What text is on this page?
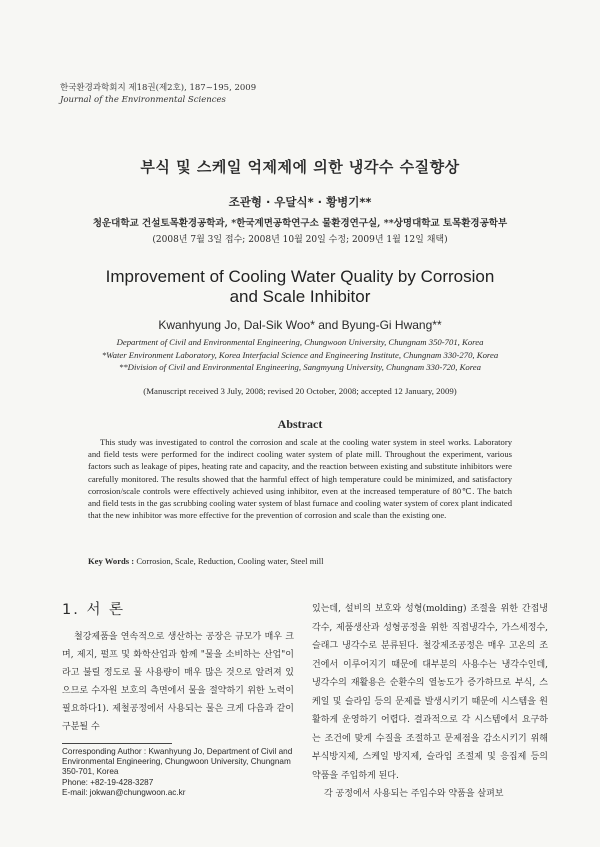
한국환경과학회지 제18권(제2호), 187~195, 2009
Journal of the Environmental Sciences
부식 및 스케일 억제제에 의한 냉각수 수질향상
조관형 · 우달식* · 황병기**
청운대학교 건설토목환경공학과, *한국계면공학연구소 물환경연구실, **상명대학교 토목환경공학부
(2008년 7월 3일 접수; 2008년 10월 20일 수정; 2009년 1월 12일 채택)
Improvement of Cooling Water Quality by Corrosion
and Scale Inhibitor
Kwanhyung Jo, Dal-Sik Woo* and Byung-Gi Hwang**
Department of Civil and Environmental Engineering, Chungwoon University, Chungnam 350-701, Korea
*Water Environment Laboratory, Korea Interfacial Science and Engineering Institute, Chungnam 330-270, Korea
**Division of Civil and Environmental Engineering, Sangmyung University, Chungnam 330-720, Korea
(Manuscript received 3 July, 2008; revised 20 October, 2008; accepted 12 January, 2009)
Abstract
This study was investigated to control the corrosion and scale at the cooling water system in steel works. Laboratory and field tests were performed for the indirect cooling water system of plate mill. Throughout the experiment, various factors such as leakage of pipes, heating rate and capacity, and the reaction between existing and substitute inhibitors were carefully monitored. The results showed that the harmful effect of high temperature could be minimized, and satisfactory corrosion/scale controls were effectively achieved using inhibitor, even at the increased temperature of 80℃. The batch and field tests in the gas scrubbing cooling water system of blast furnace and cooling water system of corex plant indicated that the new inhibitor was more effective for the prevention of corrosion and scale than the existing one.
Key Words : Corrosion, Scale, Reduction, Cooling water, Steel mill
1. 서 론
철강제품을 연속적으로 생산하는 공장은 규모가 매우 크며, 제지, 펄프 및 화학산업과 함께 "물을 소비하는 산업"이라고 불릴 정도로 물 사용량이 매우 많은 것으로 알려져 있으므로 수자원 보호의 측면에서 물을 절약하기 위한 노력이 필요하다1). 제철공정에서 사용되는 물은 크게 다음과 같이 구분될 수
Corresponding Author : Kwanhyung Jo, Department of Civil and Environmental Engineering, Chungwoon University, Chungnam 350-701, Korea
Phone: +82-19-428-3287
E-mail: jokwan@chungwoon.ac.kr

있는데, 설비의 보호와 성형(molding) 조절을 위한 간접냉각수, 제품생산과 성형공정을 위한 직접냉각수, 가스세정수, 슬래그 냉각수로 분류된다. 철강제조공정은 매우 고온의 조건에서 이루어지기 때문에 대부분의 사용수는 냉각수인데, 냉각수의 재활용은 순환수의 열농도가 증가하므로 부식, 스케일 및 슬라임 등의 문제를 발생시키기 때문에 시스템을 원활하게 운영하기 어렵다. 결과적으로 각 시스템에서 요구하는 조건에 맞게 수질을 조절하고 문제점을 감소시키기 위해 부식방지제, 스케일 방지제, 슬라임 조절제 및 응집제 등의 약품을 주입하게 된다.

각 공정에서 사용되는 주입수와 약품을 살펴보
